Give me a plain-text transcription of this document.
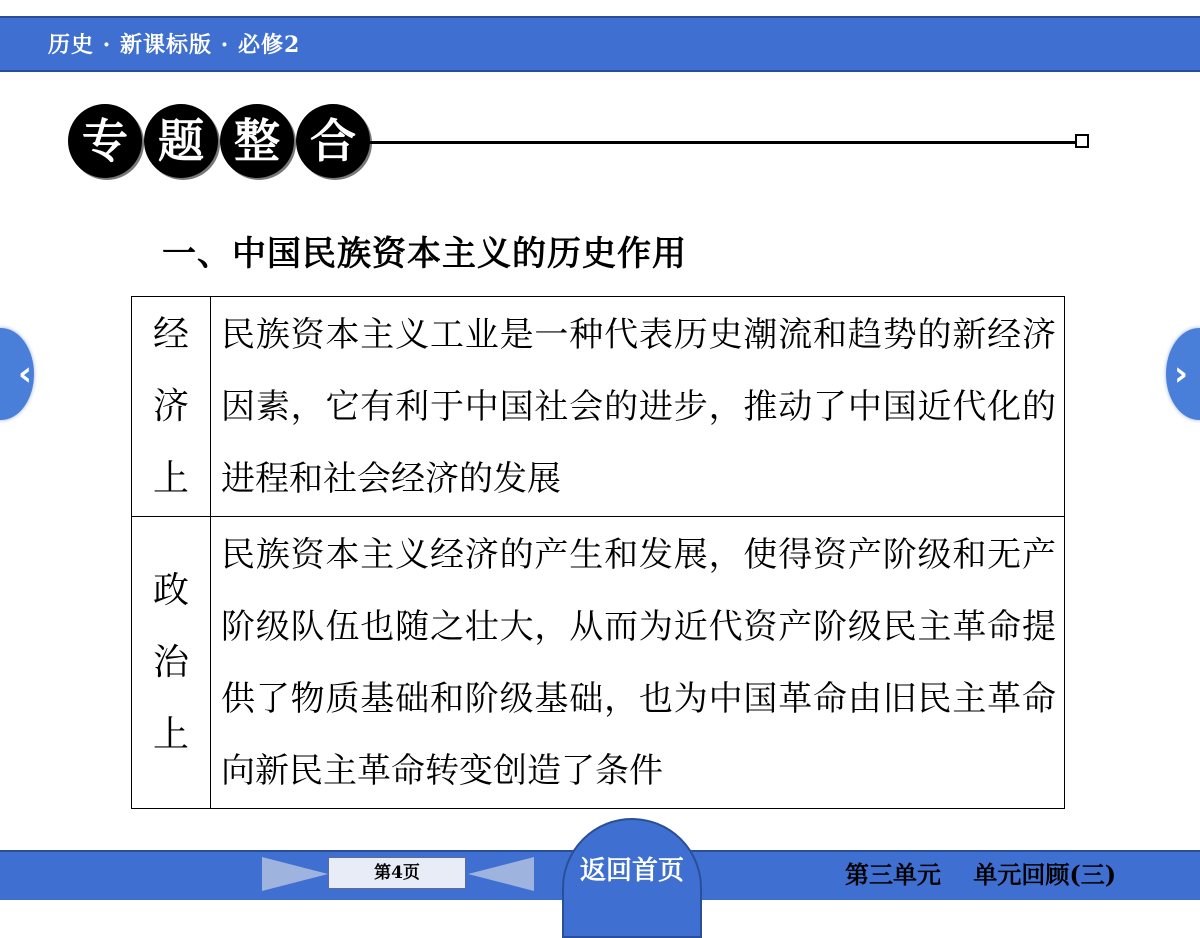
历史 · 新课标版 · 必修2
专 题 整 合
一、中国民族资本主义的历史作用
经
济
上	民族资本主义工业是一种代表历史潮流和趋势的新经济因素，它有利于中国社会的进步，推动了中国近代化的进程和社会经济的发展

政
治
上	民族资本主义经济的产生和发展，使得资产阶级和无产阶级队伍也随之壮大，从而为近代资产阶级民主革命提供了物质基础和阶级基础，也为中国革命由旧民主革命向新民主革命转变创造了条件
‹	›
返回首页
第4页	第三单元　 单元回顾(三)
